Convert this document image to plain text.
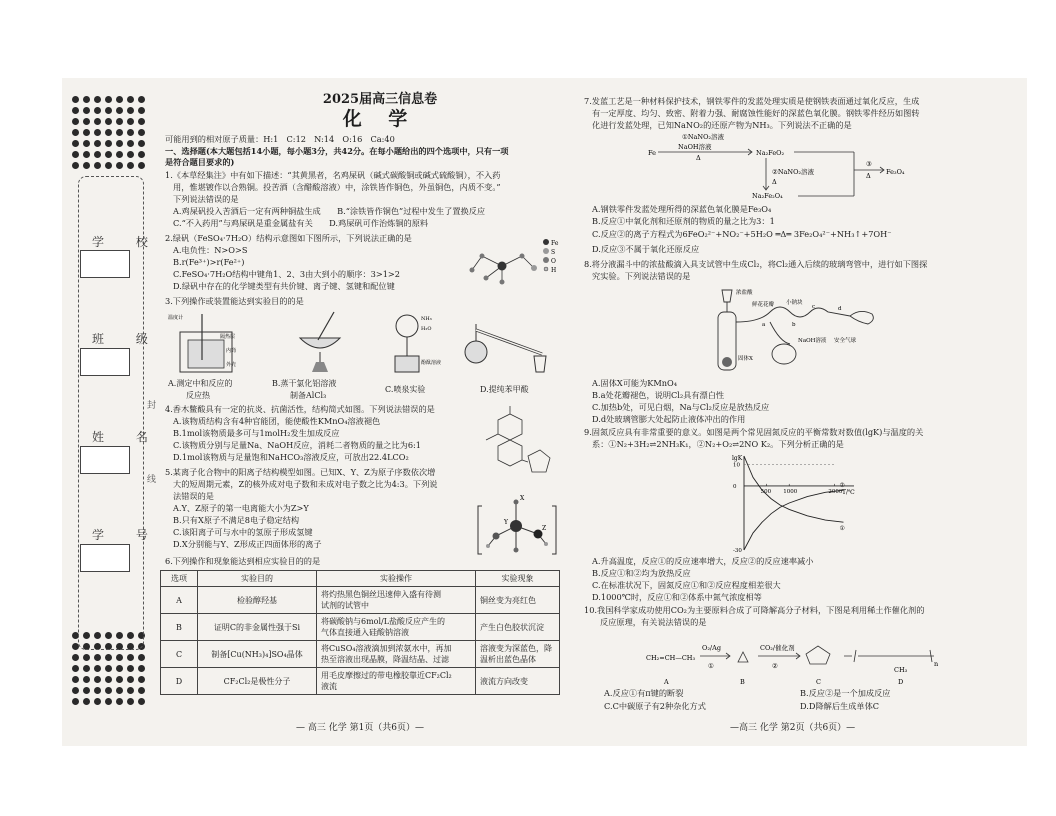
学 校
班 级
姓 名
学 号
封
线
2025届高三信息卷
化 学
可能用到的相对原子质量：H:1　C:12　N:14　O:16　Ca:40
一、选择题(本大题包括14小题，每小题3分，共42分。在每小题给出的四个选项中，只有一项
是符合题目要求的)
1.《本草经集注》中有如下描述：“其黄黑者，名鸡屎矾（碱式碳酸铜或碱式硫酸铜），不入药
用，惟堪镀作以合熟铜。投苦酒（含醋酸溶液）中，涂铁皆作铜色，外虽铜色，内质不变。”
下列说法错误的是
A.鸡屎矾投入苦酒后一定有两种铜盐生成　　B.“涂铁皆作铜色”过程中发生了置换反应
C.“不入药用”与鸡屎矾是重金属盐有关　　D.鸡屎矾可作治炼铜的原料
2.绿矾（FeSO₄·7H₂O）结构示意图如下图所示，下列说法正确的是
A.电负性：N>O>S
B.r(Fe³⁺)>r(Fe²⁺)
C.FeSO₄·7H₂O结构中键角1、2、3由大到小的顺序：3>1>2
D.绿矾中存在的化学键类型有共价键、离子键、氢键和配位键
Fe
S
O
H
3.下列操作或装置能达到实验目的的是
温度计
隔热层
内筒
外壳
NH₃
H₂O
酚酞溶液
A.测定中和反应的
反应热
B.蒸干氯化铝溶液
制备AlCl₃
C.喷泉实验	D.提纯苯甲酸
4.香木鳖酸具有一定的抗炎、抗菌活性，结构简式如图。下列说法错误的是
A.该物质结构含有4种官能团，能使酸性KMnO₄溶液褪色
B.1mol该物质最多可与1molH₂发生加成反应
C.该物质分别与足量Na、NaOH反应，消耗二者物质的量之比为6:1
D.1mol该物质与足量饱和NaHCO₃溶液反应，可放出22.4LCO₂
5.某离子化合物中的阳离子结构模型如图。已知X、Y、Z为原子序数依次增
大的短周期元素，Z的核外成对电子数和未成对电子数之比为4:3。下列说
法错误的是
A.Y、Z原子的第一电离能大小为Z>Y
B.只有X原子不满足8电子稳定结构
C.该阳离子可与水中的氢原子形成氢键
D.X分别能与Y、Z形成正四面体形的离子
X
Y
Z
6.下列操作和现象能达到相应实验目的的是
选项	实验目的	实验操作	实验现象
A	检验醇羟基	将灼热黑色铜丝迅速伸入盛有待测
试剂的试管中	铜丝变为亮红色
B	证明C的非金属性强于Si	将碳酸钠与6mol/L盐酸反应产生的
气体直接通入硅酸钠溶液	产生白色胶状沉淀
C	制备[Cu(NH₃)₄]SO₄晶体	将CuSO₄溶液滴加到浓氨水中，再加
热至溶液出现晶膜，降温结晶、过滤	溶液变为深蓝色，降
温析出蓝色晶体
D	CF₂Cl₂是极性分子	用毛皮摩擦过的带电橡胶靠近CF₂Cl₂
液流	液流方向改变
— 高三 化学 第1页（共6页）—
7.发蓝工艺是一种材料保护技术，钢铁零件的发蓝处理实质是使钢铁表面通过氧化反应，生成
有一定厚度、均匀、致密、附着力强、耐腐蚀性能好的深蓝色氧化膜。钢铁零件经历如图转
化进行发蓝处理，已知NaNO₂的还原产物为NH₃。下列说法不正确的是
①NaNO₂溶液
NaOH溶液
Δ
Fe	Na₂FeO₂
②NaNO₂溶液
Δ
③
Δ Fe₃O₄
Na₂Fe₂O₄
A.钢铁零件发蓝处理所得的深蓝色氧化膜是Fe₃O₄
B.反应①中氧化剂和还原剂的物质的量之比为3：1
C.反应②的离子方程式为6FeO₂²⁻+NO₂⁻+5H₂O ═Δ═ 3Fe₂O₄²⁻+NH₃↑+7OH⁻
D.反应③不属于氧化还原反应
8.将分液漏斗中的浓盐酸滴入具支试管中生成Cl₂，将Cl₂通入后续的玻璃弯管中，进行如下图探
究实验。下列说法错误的是
浓盐酸
鲜花花瓣 小钠块
a	b
c	d
固体X
NaOH溶液 安全气球
A.固体X可能为KMnO₄
B.a处花瓣褪色，说明Cl₂具有漂白性
C.加热b处，可见白烟，Na与Cl₂反应是放热反应
D.d处玻璃管膨大处起防止液体冲出的作用
9.固氮反应具有非常重要的意义。如图是两个常见固氮反应的平衡常数对数值(lgK)与温度的关
系：①N₂+3H₂⇌2NH₃K₁，②N₂+O₂⇌2NO K₂。下列分析正确的是
lgK
T/℃
500 1000	2000
10
0
-30
①
②
A.升高温度，反应①的反应速率增大，反应②的反应速率减小
B.反应①和②均为放热反应
C.在标准状况下，固氮反应①和②反应程度相差很大
D.1000℃时，反应①和②体系中氮气浓度相等
10.我国科学家成功使用CO₂为主要原料合成了可降解高分子材料，下图是利用稀土作催化剂的
反应原理，有关说法错误的是
CH₂=CH—CH₃
O₂/Ag
①
CO₂/催化剂
②
A	B	C	D
CH₃
n
A.反应①有π键的断裂	B.反应②是一个加成反应
C.C中碳原子有2种杂化方式	D.D降解后生成单体C
—高三 化学 第2页（共6页）—
